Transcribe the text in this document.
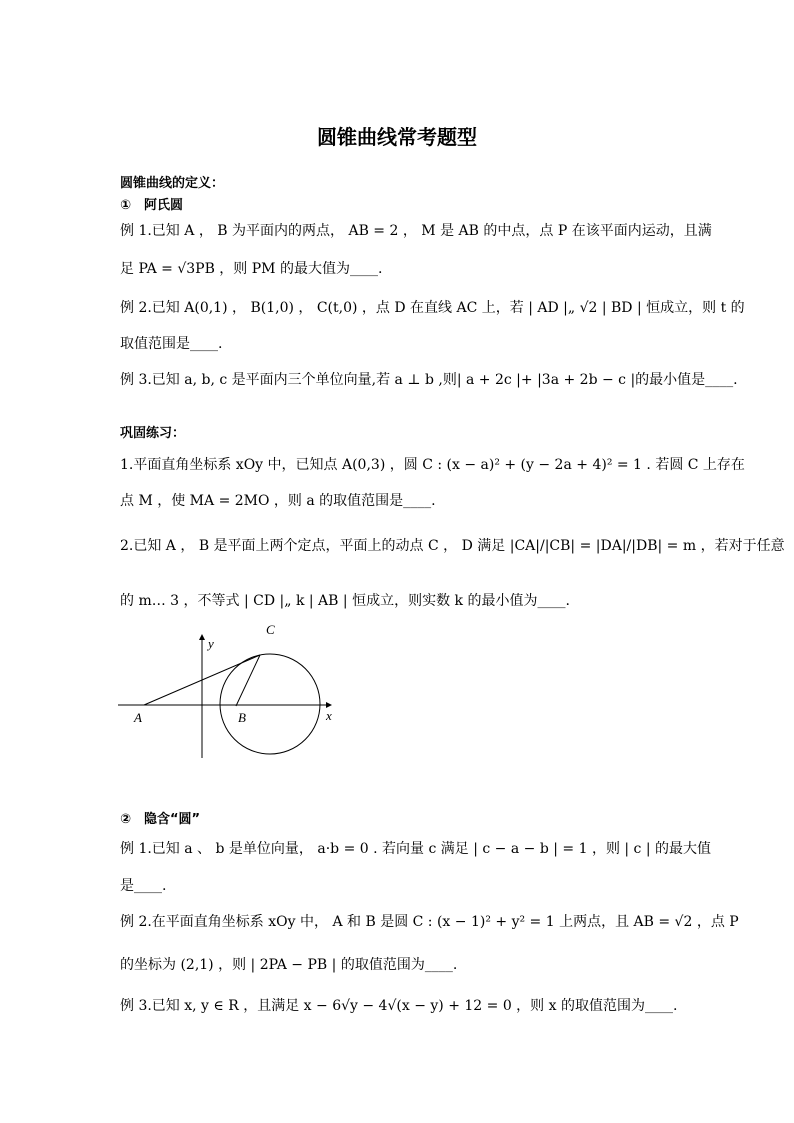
圆锥曲线常考题型
圆锥曲线的定义：
①　阿氏圆
例 1.已知 A ， B 为平面内的两点， AB = 2 ， M 是 AB 的中点，点 P 在该平面内运动，且满
足 PA = √3PB ，则 PM 的最大值为____.
例 2.已知 A(0,1) ， B(1,0) ， C(t,0) ，点 D 在直线 AC 上，若 | AD |„ √2 | BD | 恒成立，则 t 的
取值范围是____.
例 3.已知 a, b, c 是平面内三个单位向量,若 a ⊥ b ,则| a + 2c |+ |3a + 2b − c |的最小值是____.
巩固练习：
1.平面直角坐标系 xOy 中，已知点 A(0,3) ，圆 C : (x − a)² + (y − 2a + 4)² = 1 . 若圆 C 上存在
点 M ，使 MA = 2MO ，则 a 的取值范围是____.
2.已知 A ， B 是平面上两个定点，平面上的动点 C ， D 满足 |CA|/|CB| = |DA|/|DB| = m ，若对于任意
的 m… 3 ，不等式 | CD |„ k | AB | 恒成立，则实数 k 的最小值为____.
y
x
A	B
C
②　隐含“圆”
例 1.已知 a 、 b 是单位向量， a·b = 0 . 若向量 c 满足 | c − a − b | = 1 ，则 | c | 的最大值
是____.
例 2.在平面直角坐标系 xOy 中， A 和 B 是圆 C : (x − 1)² + y² = 1 上两点，且 AB = √2 ，点 P
的坐标为 (2,1) ，则 | 2PA − PB | 的取值范围为____.
例 3.已知 x, y ∈ R ，且满足 x − 6√y − 4√(x − y) + 12 = 0 ，则 x 的取值范围为____.
